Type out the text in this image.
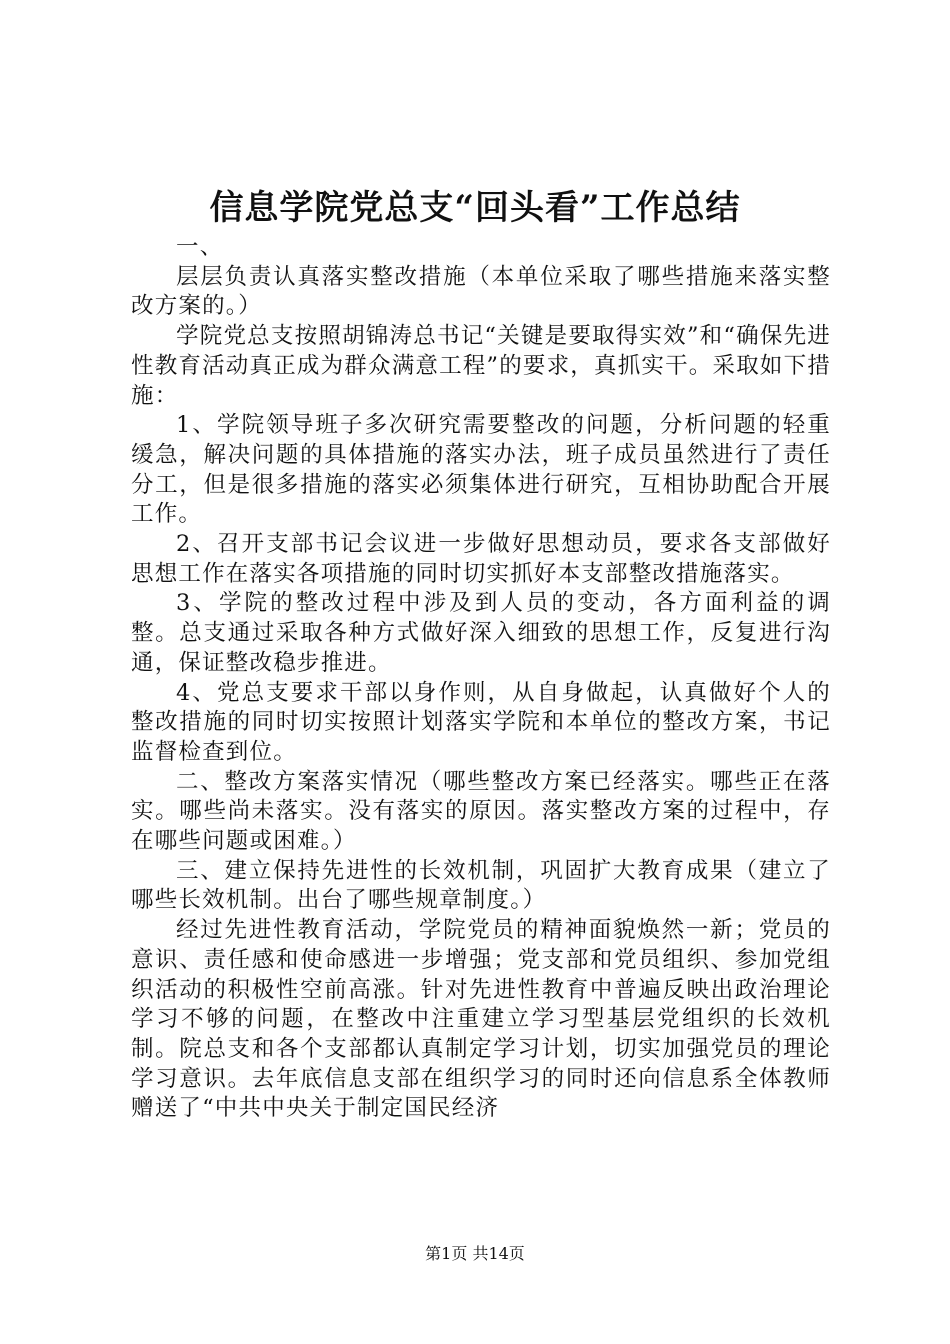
信息学院党总支“回头看”工作总结

一、

层层负责认真落实整改措施（本单位采取了哪些措施来落实整改方案的。）

学院党总支按照胡锦涛总书记“关键是要取得实效”和“确保先进性教育活动真正成为群众满意工程”的要求，真抓实干。采取如下措施：

1、学院领导班子多次研究需要整改的问题，分析问题的轻重缓急，解决问题的具体措施的落实办法，班子成员虽然进行了责任分工，但是很多措施的落实必须集体进行研究，互相协助配合开展工作。

2、召开支部书记会议进一步做好思想动员，要求各支部做好思想工作在落实各项措施的同时切实抓好本支部整改措施落实。

3、学院的整改过程中涉及到人员的变动，各方面利益的调整。总支通过采取各种方式做好深入细致的思想工作，反复进行沟通，保证整改稳步推进。

4、党总支要求干部以身作则，从自身做起，认真做好个人的整改措施的同时切实按照计划落实学院和本单位的整改方案，书记监督检查到位。

二、整改方案落实情况（哪些整改方案已经落实。哪些正在落实。哪些尚未落实。没有落实的原因。落实整改方案的过程中，存在哪些问题或困难。）

三、建立保持先进性的长效机制，巩固扩大教育成果（建立了哪些长效机制。出台了哪些规章制度。）

经过先进性教育活动，学院党员的精神面貌焕然一新；党员的意识、责任感和使命感进一步增强；党支部和党员组织、参加党组织活动的积极性空前高涨。针对先进性教育中普遍反映出政治理论学习不够的问题，在整改中注重建立学习型基层党组织的长效机制。院总支和各个支部都认真制定学习计划，切实加强党员的理论学习意识。去年底信息支部在组织学习的同时还向信息系全体教师赠送了“中共中央关于制定国民经济

第1页 共14页
